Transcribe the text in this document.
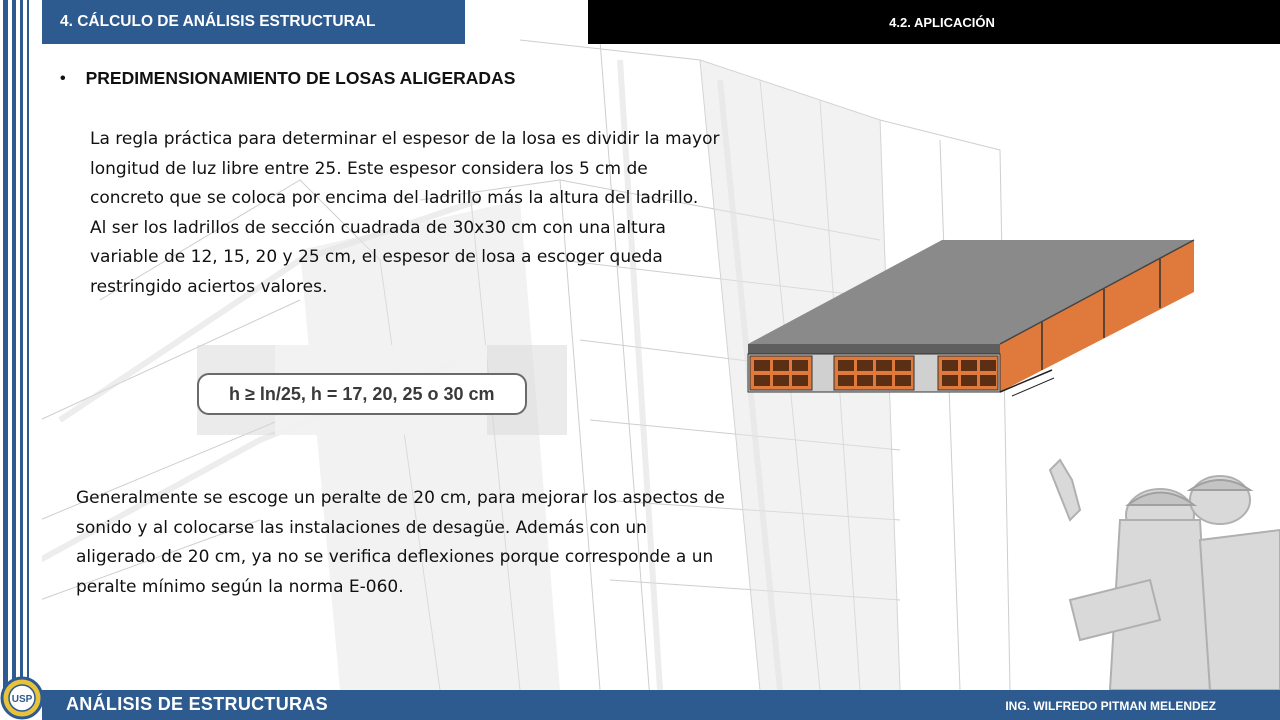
4. CÁLCULO DE ANÁLISIS ESTRUCTURAL	4.2. APLICACIÓN
• PREDIMENSIONAMIENTO DE LOSAS ALIGERADAS
La regla práctica para determinar el espesor de la losa es dividir la mayor longitud de luz libre entre 25. Este espesor considera los 5 cm de concreto que se coloca por encima del ladrillo más la altura del ladrillo. Al ser los ladrillos de sección cuadrada de 30x30 cm con una altura variable de 12, 15, 20 y 25 cm, el espesor de losa a escoger queda restringido aciertos valores.
h ≥ ln/25, h = 17, 20, 25 o 30 cm
Generalmente se escoge un peralte de 20 cm, para mejorar los aspectos de sonido y al colocarse las instalaciones de desagüe. Además con un aligerado de 20 cm, ya no se verifica deflexiones porque corresponde a un peralte mínimo según la norma E-060.
ANÁLISIS DE ESTRUCTURAS	ING. WILFREDO PITMAN MELENDEZ
USP
